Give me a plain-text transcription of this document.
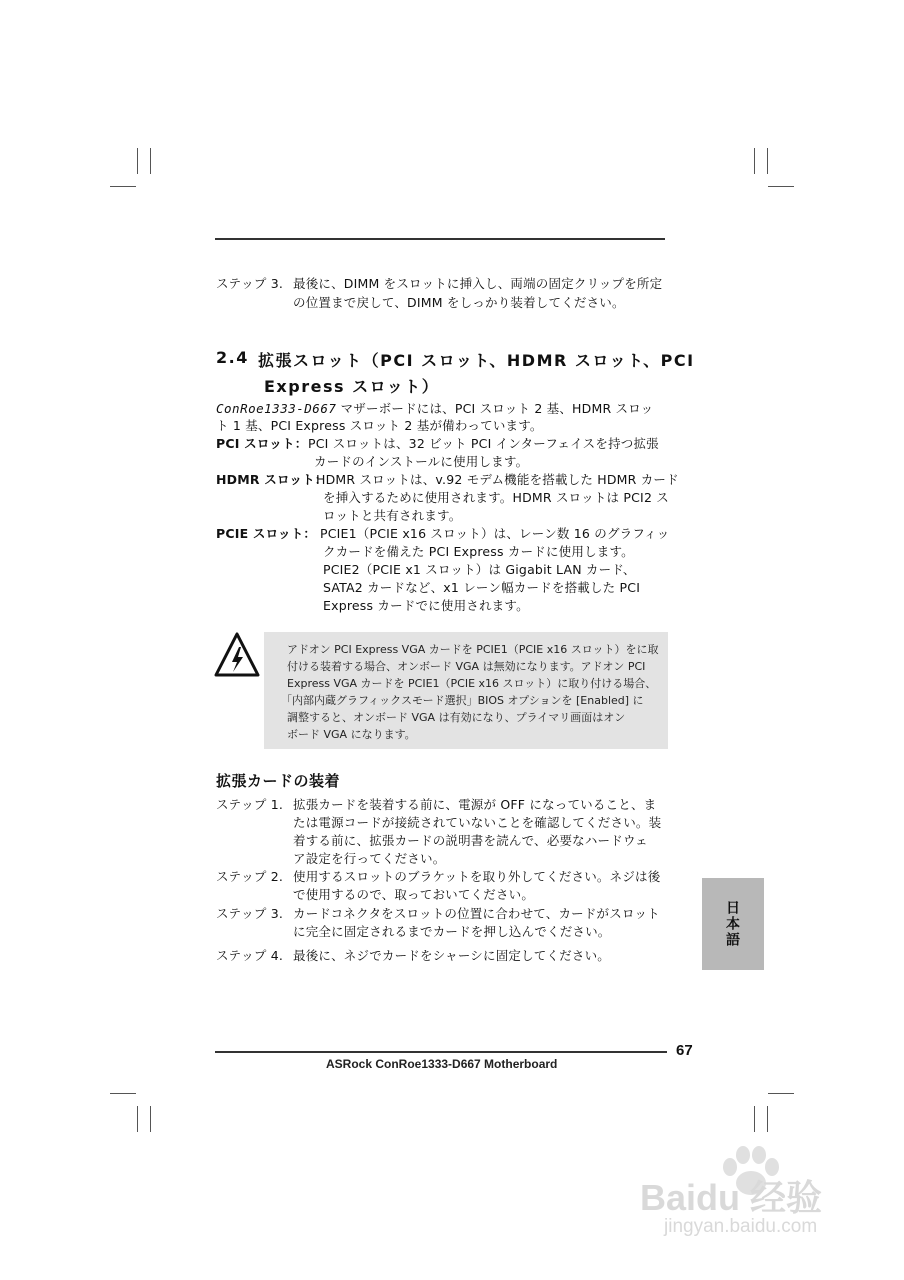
ステップ 3. 最後に、DIMM をスロットに挿入し、両端の固定クリップを所定
の位置まで戻して、DIMM をしっかり装着してください。
2.4 拡張スロット（PCI スロット、HDMR スロット、PCI
Express スロット）
ConRoe1333-D667 マザーボードには、PCI スロット 2 基、HDMR スロッ
ト 1 基、PCI Express スロット 2 基が備わっています。
PCI スロット： PCI スロットは、32 ビット PCI インターフェイスを持つ拡張
カードのインストールに使用します。
HDMR スロット：
HDMR スロットは、v.92 モデム機能を搭載した HDMR カード
を挿入するために使用されます。HDMR スロットは PCI2 ス
ロットと共有されます。
PCIE スロット： PCIE1（PCIE x16 スロット）は、レーン数 16 のグラフィッ
クカードを備えた PCI Express カードに使用します。
PCIE2（PCIE x1 スロット）は Gigabit LAN カード、
SATA2 カードなど、x1 レーン幅カードを搭載した PCI
Express カードでに使用されます。
アドオン PCI Express VGA カードを PCIE1（PCIE x16 スロット）をに取
付ける装着する場合、オンボード VGA は無効になります。アドオン PCI
Express VGA カードを PCIE1（PCIE x16 スロット）に取り付ける場合、
「内部内蔵グラフィックスモード選択」BIOS オプションを [Enabled] に
調整すると、オンボード VGA は有効になり、プライマリ画面はオン
ボード VGA になります。
拡張カードの装着
ステップ 1. 拡張カードを装着する前に、電源が OFF になっていること、ま
たは電源コードが接続されていないことを確認してください。装
着する前に、拡張カードの説明書を読んで、必要なハードウェ
ア設定を行ってください。
ステップ 2. 使用するスロットのブラケットを取り外してください。ネジは後
で使用するので、取っておいてください。
ステップ 3. カードコネクタをスロットの位置に合わせて、カードがスロット
に完全に固定されるまでカードを押し込んでください。
ステップ 4. 最後に、ネジでカードをシャーシに固定してください。
日本語
67
ASRock ConRoe1333-D667 Motherboard
Baidu 经验
jingyan.baidu.com
